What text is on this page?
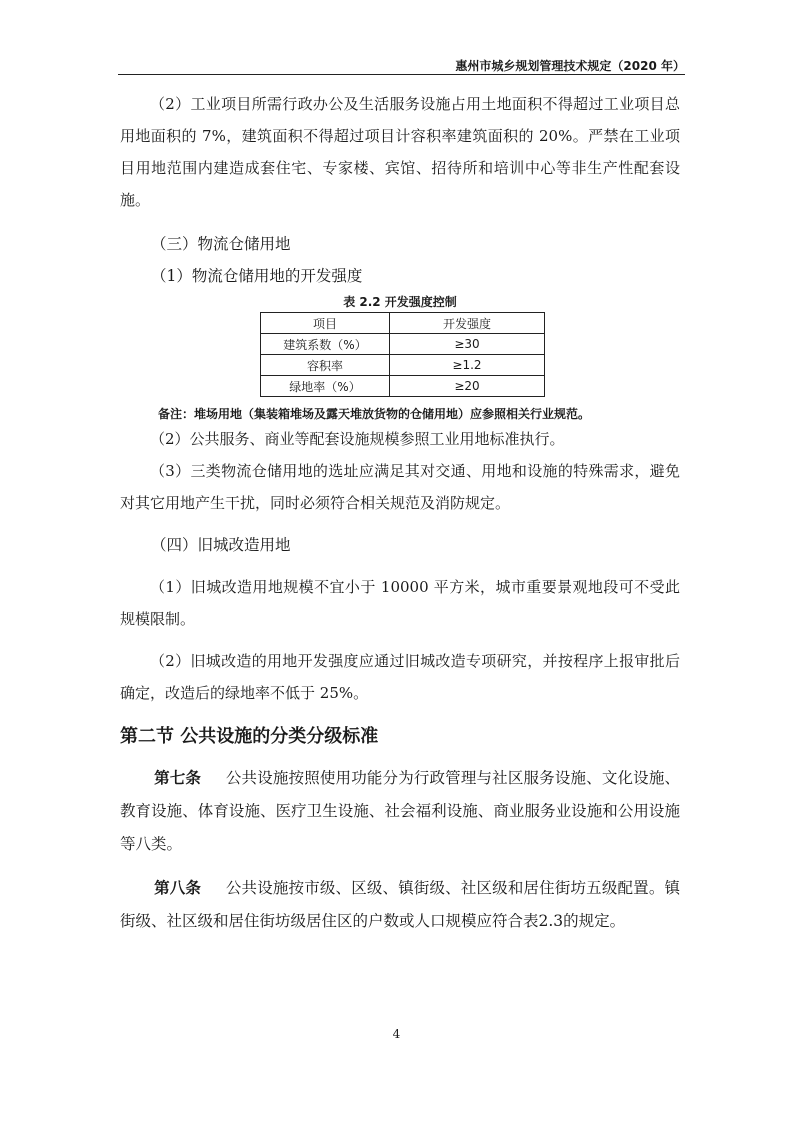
惠州市城乡规划管理技术规定（2020 年）

（2）工业项目所需行政办公及生活服务设施占用土地面积不得超过工业项目总用地面积的 7%，建筑面积不得超过项目计容积率建筑面积的 20%。严禁在工业项目用地范围内建造成套住宅、专家楼、宾馆、招待所和培训中心等非生产性配套设施。

（三）物流仓储用地

（1）物流仓储用地的开发强度

表 2.2 开发强度控制
项目	开发强度
建筑系数（%）	≥30
容积率	≥1.2
绿地率（%）	≥20
备注：堆场用地（集装箱堆场及露天堆放货物的仓储用地）应参照相关行业规范。

（2）公共服务、商业等配套设施规模参照工业用地标准执行。

（3）三类物流仓储用地的选址应满足其对交通、用地和设施的特殊需求，避免对其它用地产生干扰，同时必须符合相关规范及消防规定。

（四）旧城改造用地

（1）旧城改造用地规模不宜小于 10000 平方米，城市重要景观地段可不受此规模限制。

（2）旧城改造的用地开发强度应通过旧城改造专项研究，并按程序上报审批后确定，改造后的绿地率不低于 25%。

第二节 公共设施的分类分级标准

第七条 公共设施按照使用功能分为行政管理与社区服务设施、文化设施、教育设施、体育设施、医疗卫生设施、社会福利设施、商业服务业设施和公用设施等八类。

第八条 公共设施按市级、区级、镇街级、社区级和居住街坊五级配置。镇街级、社区级和居住街坊级居住区的户数或人口规模应符合表2.3的规定。

4
